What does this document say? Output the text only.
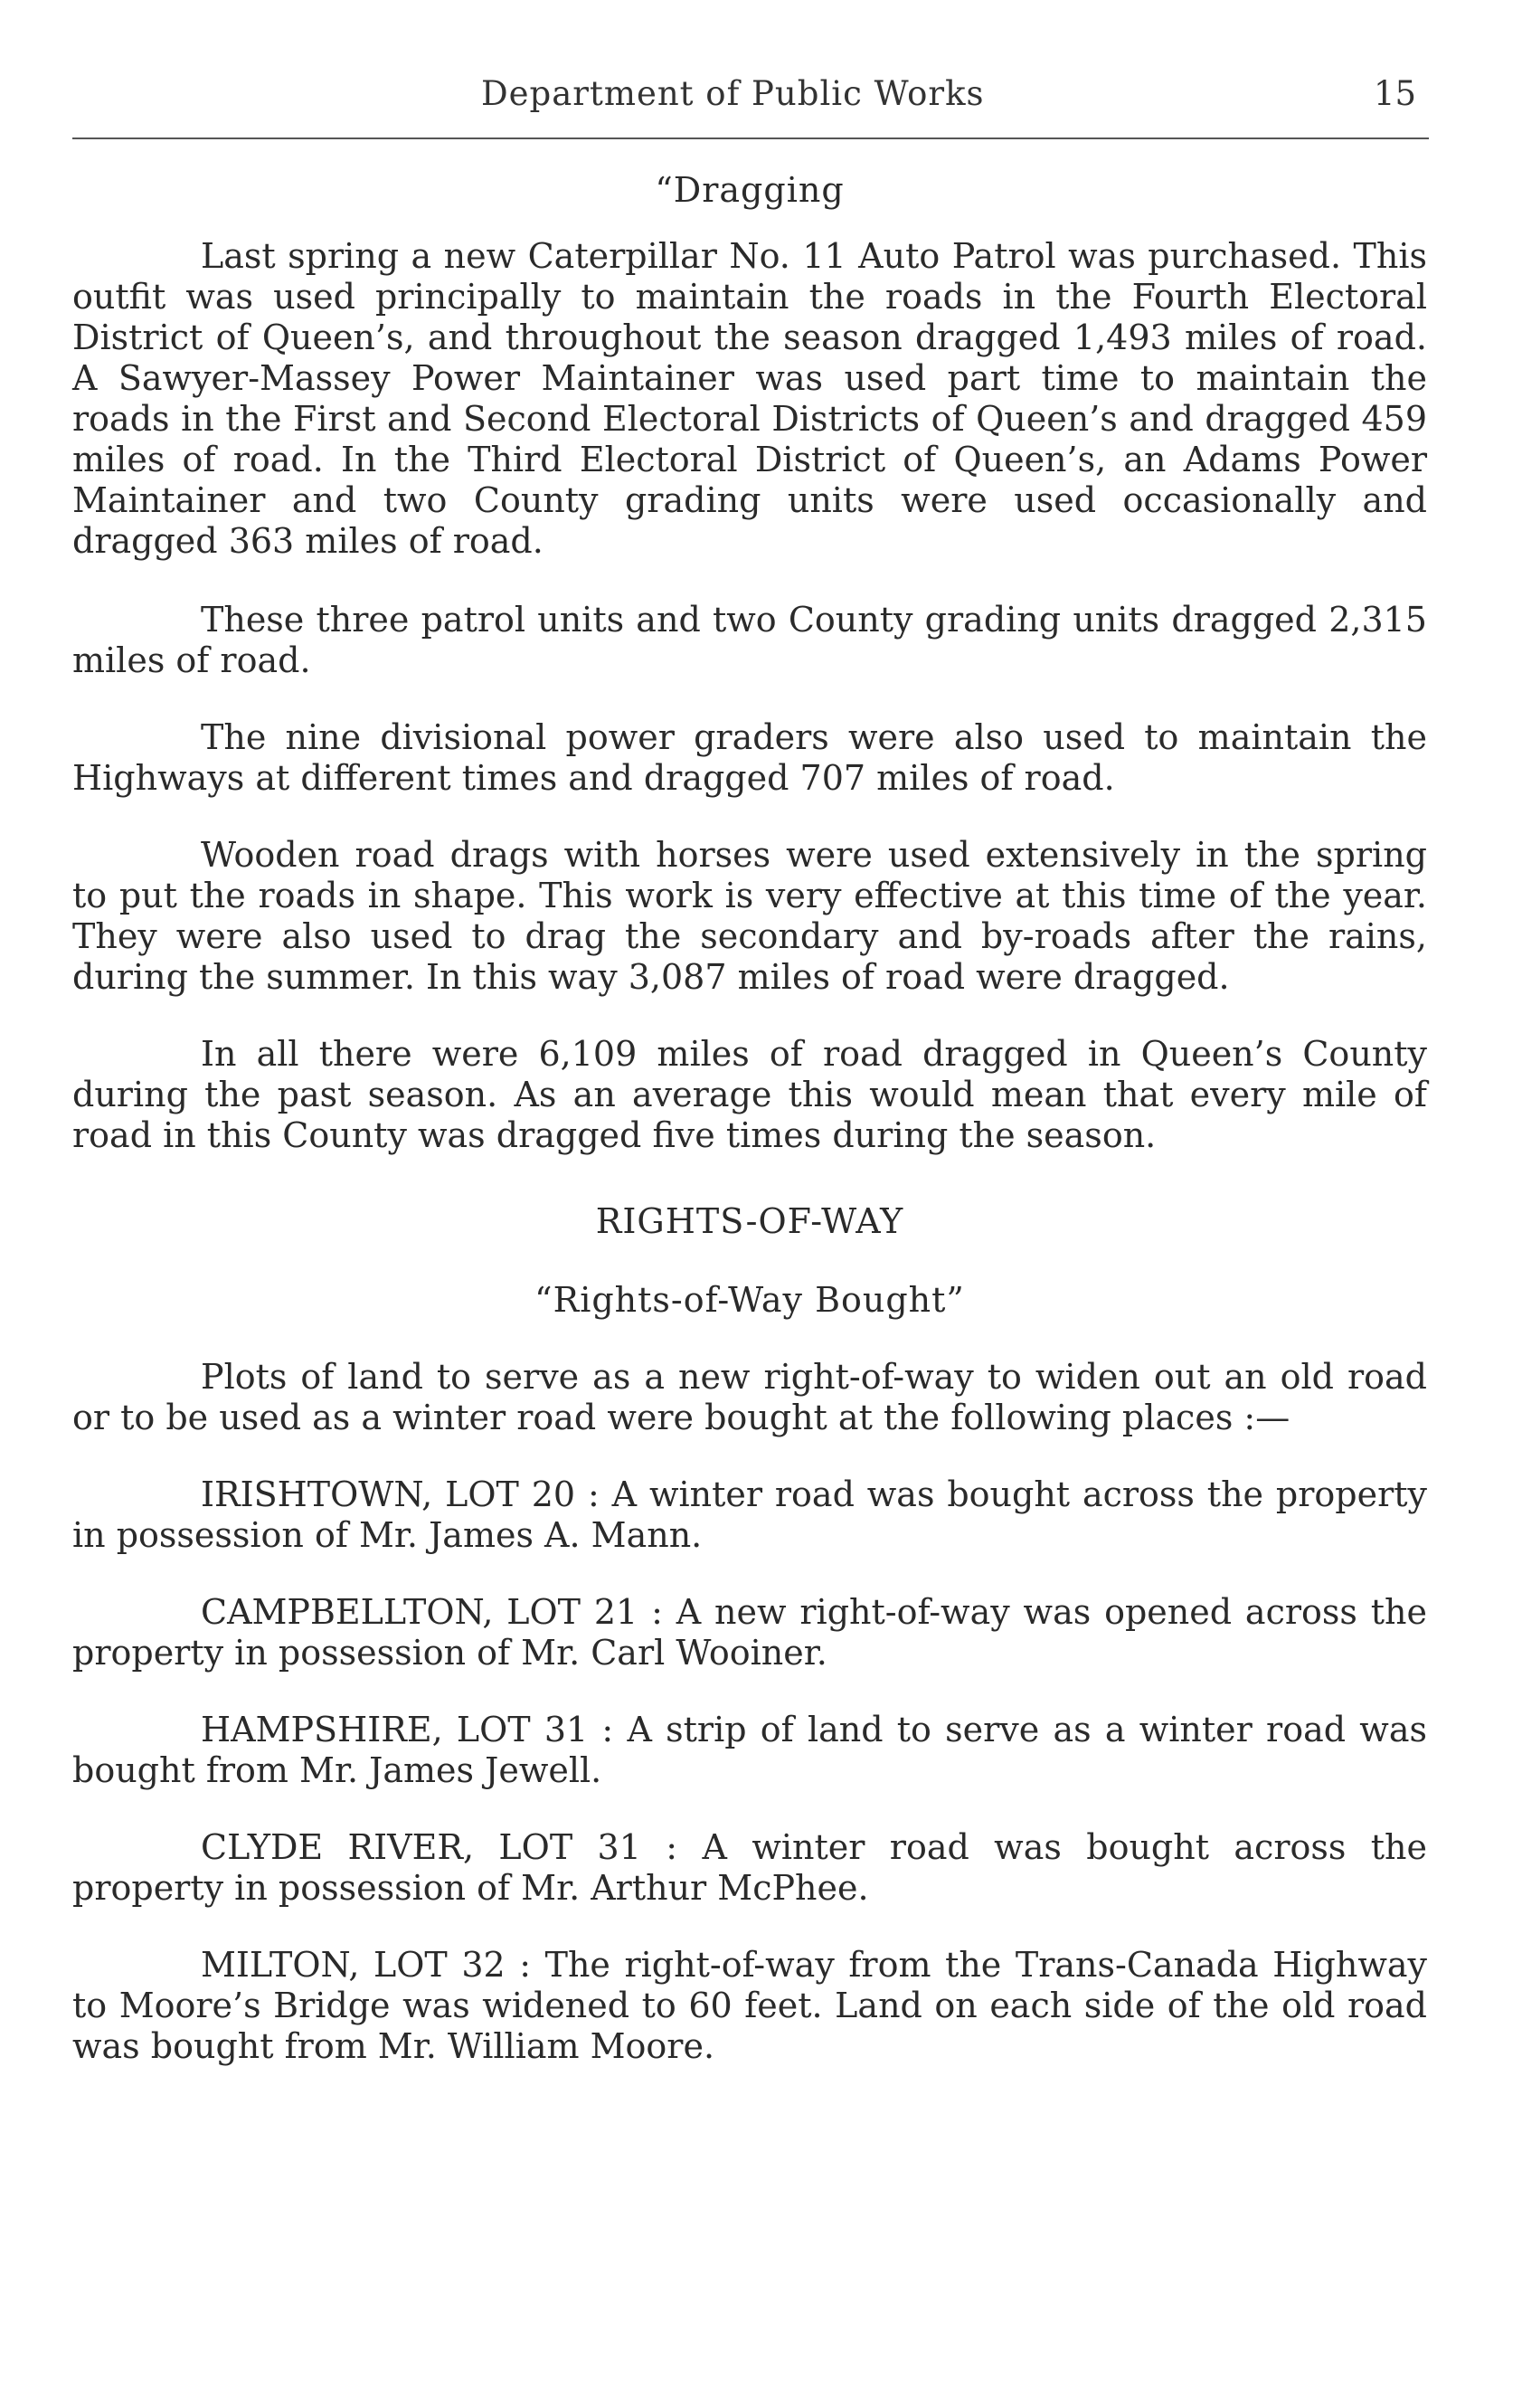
Department of Public Works	15

“Dragging

Last spring a new Caterpillar No. 11 Auto Patrol was purchased. This outfit was used principally to maintain the roads in the Fourth Electoral District of Queen’s, and throughout the season dragged 1,493 miles of road. A Sawyer-Massey Power Maintainer was used part time to maintain the roads in the First and Second Electoral Districts of Queen’s and dragged 459 miles of road. In the Third Electoral District of Queen’s, an Adams Power Maintainer and two County grading units were used occasionally and dragged 363 miles of road.

These three patrol units and two County grading units dragged 2,315 miles of road.

The nine divisional power graders were also used to maintain the Highways at different times and dragged 707 miles of road.

Wooden road drags with horses were used extensively in the spring to put the roads in shape. This work is very effective at this time of the year. They were also used to drag the secondary and by-roads after the rains, during the summer. In this way 3,087 miles of road were dragged.

In all there were 6,109 miles of road dragged in Queen’s County during the past season. As an average this would mean that every mile of road in this County was dragged five times during the season.

RIGHTS-OF-WAY

“Rights-of-Way Bought”

Plots of land to serve as a new right-of-way to widen out an old road or to be used as a winter road were bought at the following places :—

IRISHTOWN, LOT 20 : A winter road was bought across the property in possession of Mr. James A. Mann.

CAMPBELLTON, LOT 21 : A new right-of-way was opened across the property in possession of Mr. Carl Wooiner.

HAMPSHIRE, LOT 31 : A strip of land to serve as a winter road was bought from Mr. James Jewell.

CLYDE RIVER, LOT 31 : A winter road was bought across the property in possession of Mr. Arthur McPhee.

MILTON, LOT 32 : The right-of-way from the Trans-Canada Highway to Moore’s Bridge was widened to 60 feet. Land on each side of the old road was bought from Mr. William Moore.
